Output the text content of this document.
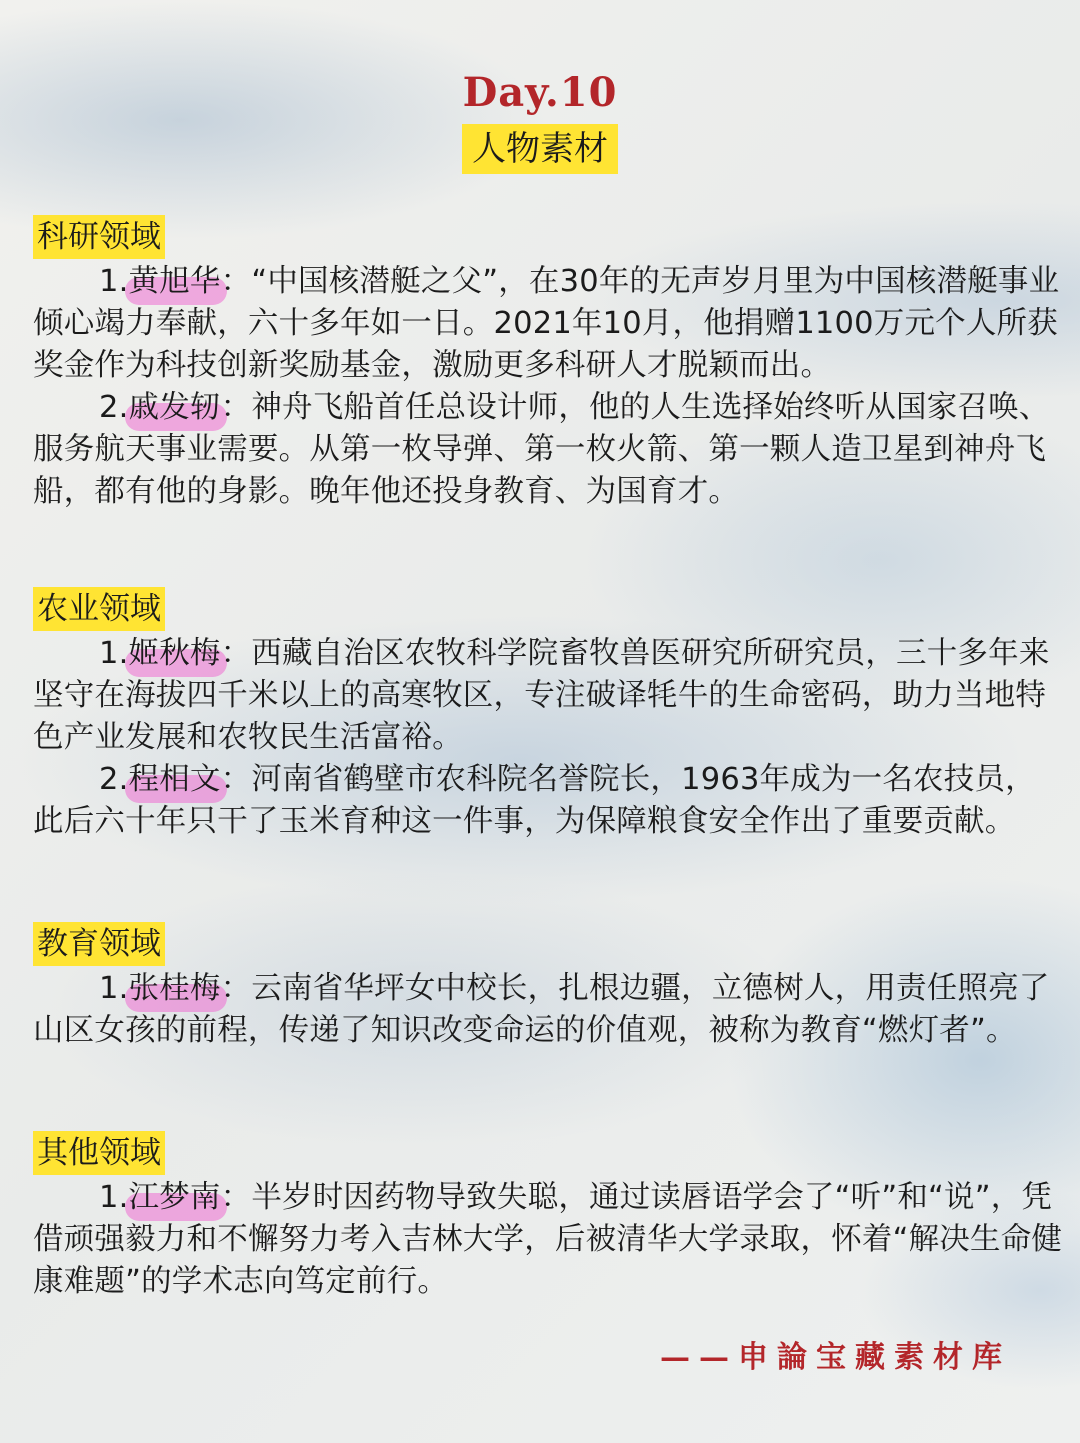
Day.10
人物素材
科研领域

1.黄旭华：“中国核潜艇之父”，在30年的无声岁月里为中国核潜艇事业倾心竭力奉献，六十多年如一日。2021年10月，他捐赠1100万元个人所获奖金作为科技创新奖励基金，激励更多科研人才脱颖而出。

2.戚发轫：神舟飞船首任总设计师，他的人生选择始终听从国家召唤、服务航天事业需要。从第一枚导弹、第一枚火箭、第一颗人造卫星到神舟飞船，都有他的身影。晚年他还投身教育、为国育才。

农业领域

1.姬秋梅：西藏自治区农牧科学院畜牧兽医研究所研究员，三十多年来坚守在海拔四千米以上的高寒牧区，专注破译牦牛的生命密码，助力当地特色产业发展和农牧民生活富裕。

2.程相文：河南省鹤壁市农科院名誉院长，1963年成为一名农技员，此后六十年只干了玉米育种这一件事，为保障粮食安全作出了重要贡献。

教育领域

1.张桂梅：云南省华坪女中校长，扎根边疆，立德树人，用责任照亮了山区女孩的前程，传递了知识改变命运的价值观，被称为教育“燃灯者”。

其他领域

1.江梦南：半岁时因药物导致失聪，通过读唇语学会了“听”和“说”，凭借顽强毅力和不懈努力考入吉林大学，后被清华大学录取，怀着“解决生命健康难题”的学术志向笃定前行。

——申論宝藏素材库
